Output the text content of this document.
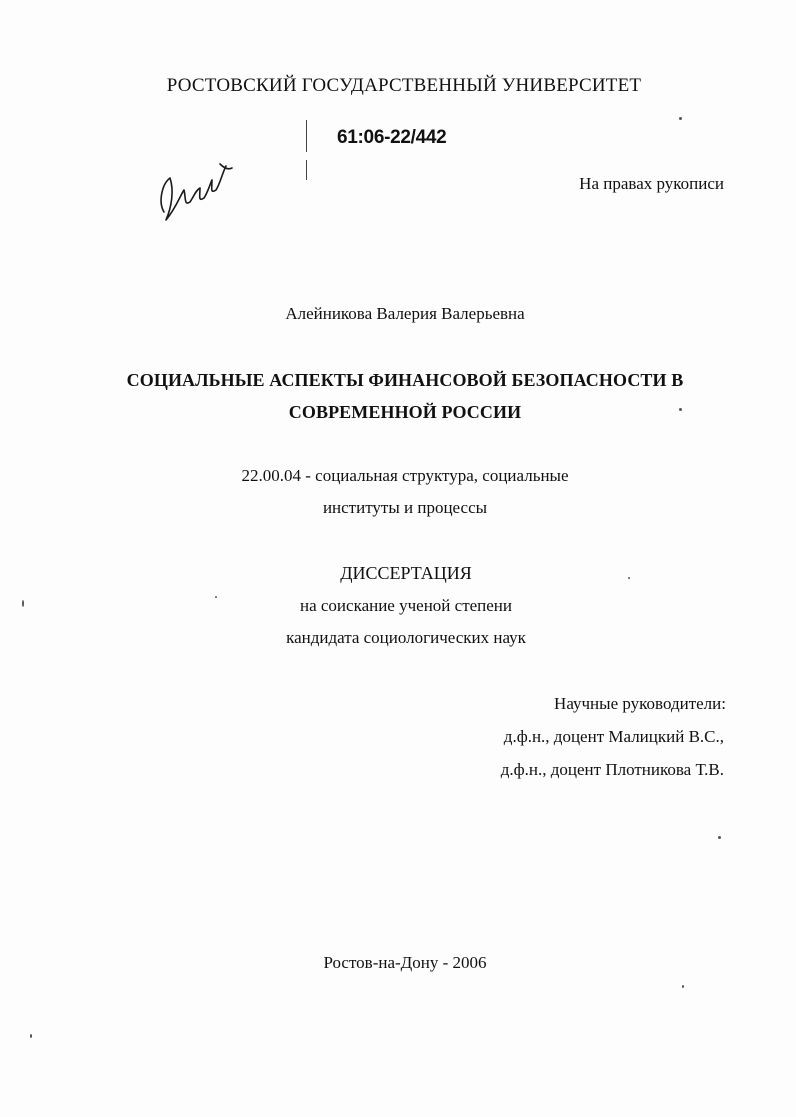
РОСТОВСКИЙ ГОСУДАРСТВЕННЫЙ УНИВЕРСИТЕТ
61:06-22/442
На правах рукописи
Алейникова Валерия Валерьевна
СОЦИАЛЬНЫЕ АСПЕКТЫ ФИНАНСОВОЙ БЕЗОПАСНОСТИ В
СОВРЕМЕННОЙ РОССИИ
22.00.04 - социальная структура, социальные
институты и процессы
ДИССЕРТАЦИЯ
на соискание ученой степени
кандидата социологических наук
Научные руководители:
д.ф.н., доцент Малицкий В.С.,
д.ф.н., доцент Плотникова Т.В.
Ростов-на-Дону - 2006
